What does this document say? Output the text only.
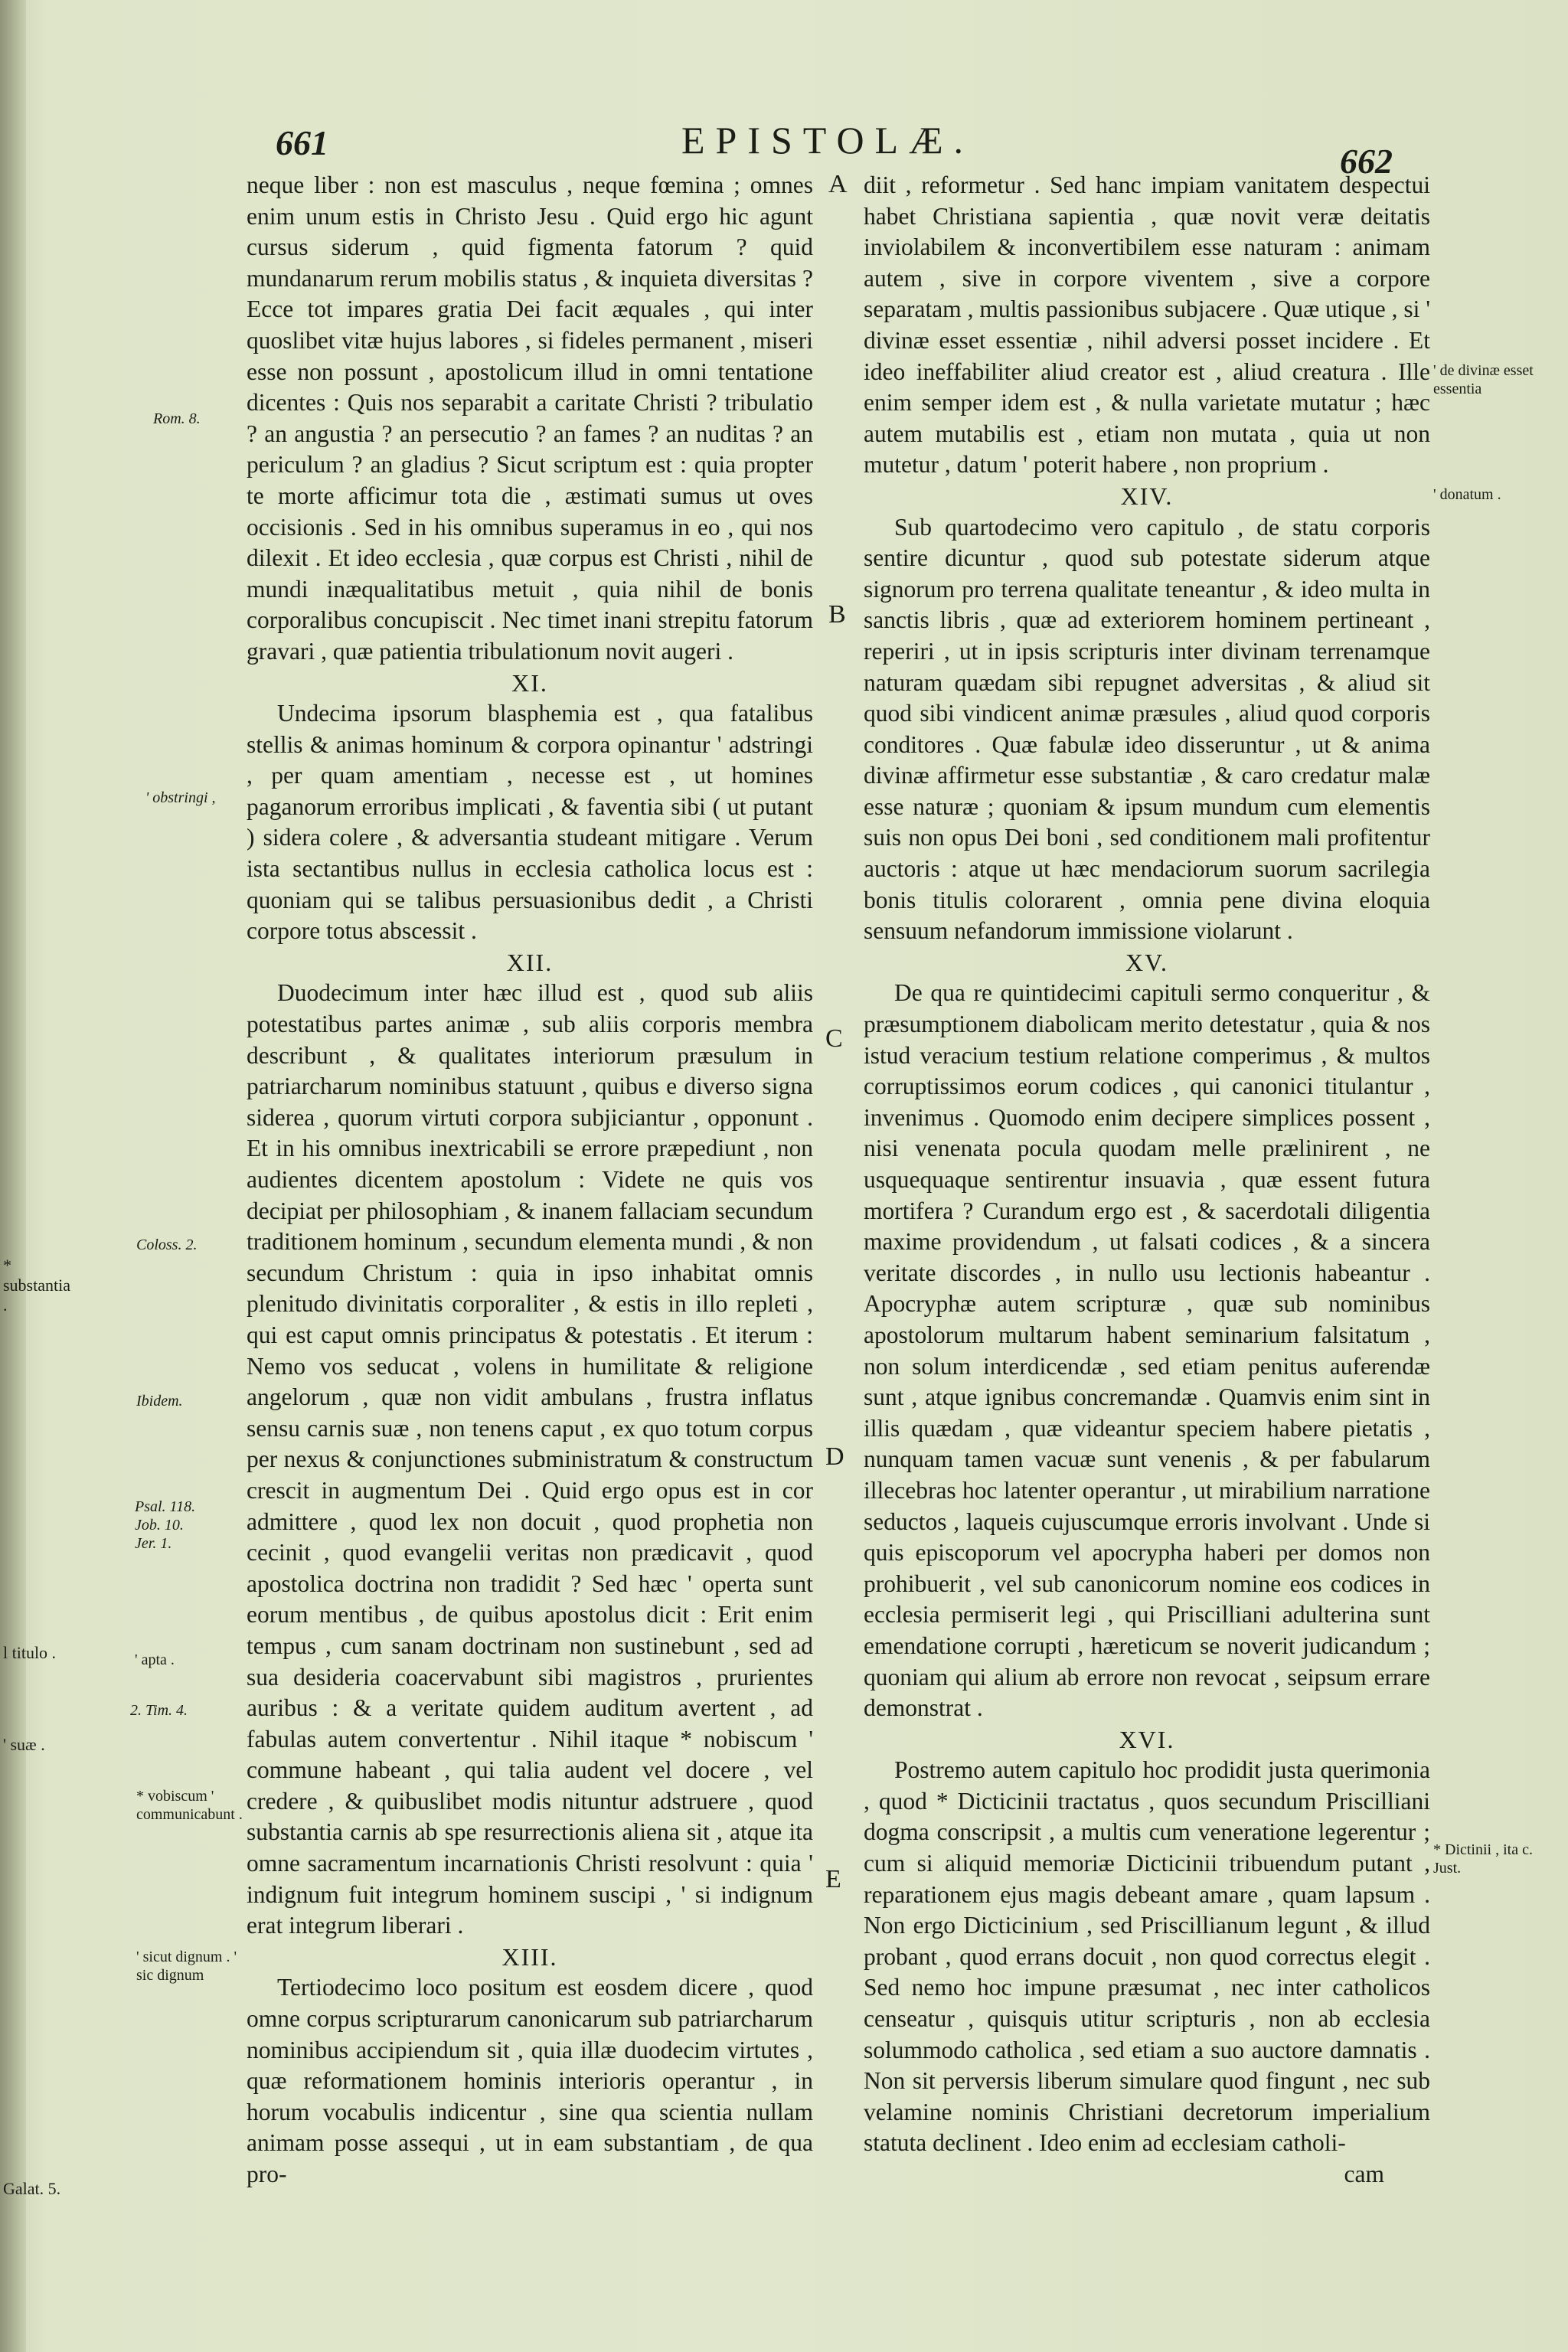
661	EPISTOLÆ.	662
Rom. 8.
' obstringi ,
Coloss. 2.
Ibidem.
Psal. 118. Job. 10. Jer. 1.
' apta .
2. Tim. 4.
* vobiscum ' communicabunt .
' sicut dignum . ' sic dignum
* substantia .
l titulo .
' suæ .
Galat. 5.
' de divinæ esset essentia
' donatum .
* Dictinii , ita c. Just.
A
B
C
D
E

neque liber : non est masculus , neque fœmina ; omnes enim unum estis in Christo Jesu . Quid ergo hic agunt cursus siderum , quid figmenta fatorum ? quid mundanarum rerum mobilis status , & inquieta diversitas ? Ecce tot impares gratia Dei facit æquales , qui inter quoslibet vitæ hujus labores , si fideles permanent , miseri esse non possunt , apostolicum illud in omni tentatione dicentes : Quis nos separabit a caritate Christi ? tribulatio ? an angustia ? an persecutio ? an fames ? an nuditas ? an periculum ? an gladius ? Sicut scriptum est : quia propter te morte afficimur tota die , æstimati sumus ut oves occisionis . Sed in his omnibus superamus in eo , qui nos dilexit . Et ideo ecclesia , quæ corpus est Christi , nihil de mundi inæqualitatibus metuit , quia nihil de bonis corporalibus concupiscit . Nec timet inani strepitu fatorum gravari , quæ patientia tribulationum novit augeri .

XI.

Undecima ipsorum blasphemia est , qua fatalibus stellis & animas hominum & corpora opinantur ' adstringi , per quam amentiam , necesse est , ut homines paganorum erroribus implicati , & faventia sibi ( ut putant ) sidera colere , & adversantia studeant mitigare . Verum ista sectantibus nullus in ecclesia catholica locus est : quoniam qui se talibus persuasionibus dedit , a Christi corpore totus abscessit .

XII.

Duodecimum inter hæc illud est , quod sub aliis potestatibus partes animæ , sub aliis corporis membra describunt , & qualitates interiorum præsulum in patriarcharum nominibus statuunt , quibus e diverso signa siderea , quorum virtuti corpora subjiciantur , opponunt . Et in his omnibus inextricabili se errore præpediunt , non audientes dicentem apostolum : Videte ne quis vos decipiat per philosophiam , & inanem fallaciam secundum traditionem hominum , secundum elementa mundi , & non secundum Christum : quia in ipso inhabitat omnis plenitudo divinitatis corporaliter , & estis in illo repleti , qui est caput omnis principatus & potestatis . Et iterum : Nemo vos seducat , volens in humilitate & religione angelorum , quæ non vidit ambulans , frustra inflatus sensu carnis suæ , non tenens caput , ex quo totum corpus per nexus & conjunctiones subministratum & constructum crescit in augmentum Dei . Quid ergo opus est in cor admittere , quod lex non docuit , quod prophetia non cecinit , quod evangelii veritas non prædicavit , quod apostolica doctrina non tradidit ? Sed hæc ' operta sunt eorum mentibus , de quibus apostolus dicit : Erit enim tempus , cum sanam doctrinam non sustinebunt , sed ad sua desideria coacervabunt sibi magistros , prurientes auribus : & a veritate quidem auditum avertent , ad fabulas autem convertentur . Nihil itaque * nobiscum ' commune habeant , qui talia audent vel docere , vel credere , & quibuslibet modis nituntur adstruere , quod substantia carnis ab spe resurrectionis aliena sit , atque ita omne sacramentum incarnationis Christi resolvunt : quia ' indignum fuit integrum hominem suscipi , ' si indignum erat integrum liberari .

XIII.

Tertiodecimo loco positum est eosdem dicere , quod omne corpus scripturarum canonicarum sub patriarcharum nominibus accipiendum sit , quia illæ duodecim virtutes , quæ reformationem hominis interioris operantur , in horum vocabulis indicentur , sine qua scientia nullam animam posse assequi , ut in eam substantiam , de qua pro-

diit , reformetur . Sed hanc impiam vanitatem despectui habet Christiana sapientia , quæ novit veræ deitatis inviolabilem & inconvertibilem esse naturam : animam autem , sive in corpore viventem , sive a corpore separatam , multis passionibus subjacere . Quæ utique , si ' divinæ esset essentiæ , nihil adversi posset incidere . Et ideo ineffabiliter aliud creator est , aliud creatura . Ille enim semper idem est , & nulla varietate mutatur ; hæc autem mutabilis est , etiam non mutata , quia ut non mutetur , datum ' poterit habere , non proprium .

XIV.

Sub quartodecimo vero capitulo , de statu corporis sentire dicuntur , quod sub potestate siderum atque signorum pro terrena qualitate teneantur , & ideo multa in sanctis libris , quæ ad exteriorem hominem pertineant , reperiri , ut in ipsis scripturis inter divinam terrenamque naturam quædam sibi repugnet adversitas , & aliud sit quod sibi vindicent animæ præsules , aliud quod corporis conditores . Quæ fabulæ ideo disseruntur , ut & anima divinæ affirmetur esse substantiæ , & caro credatur malæ esse naturæ ; quoniam & ipsum mundum cum elementis suis non opus Dei boni , sed conditionem mali profitentur auctoris : atque ut hæc mendaciorum suorum sacrilegia bonis titulis colorarent , omnia pene divina eloquia sensuum nefandorum immissione violarunt .

XV.

De qua re quintidecimi capituli sermo conqueritur , & præsumptionem diabolicam merito detestatur , quia & nos istud veracium testium relatione comperimus , & multos corruptissimos eorum codices , qui canonici titulantur , invenimus . Quomodo enim decipere simplices possent , nisi venenata pocula quodam melle prælinirent , ne usquequaque sentirentur insuavia , quæ essent futura mortifera ? Curandum ergo est , & sacerdotali diligentia maxime providendum , ut falsati codices , & a sincera veritate discordes , in nullo usu lectionis habeantur . Apocryphæ autem scripturæ , quæ sub nominibus apostolorum multarum habent seminarium falsitatum , non solum interdicendæ , sed etiam penitus auferendæ sunt , atque ignibus concremandæ . Quamvis enim sint in illis quædam , quæ videantur speciem habere pietatis , nunquam tamen vacuæ sunt venenis , & per fabularum illecebras hoc latenter operantur , ut mirabilium narratione seductos , laqueis cujuscumque erroris involvant . Unde si quis episcoporum vel apocrypha haberi per domos non prohibuerit , vel sub canonicorum nomine eos codices in ecclesia permiserit legi , qui Priscilliani adulterina sunt emendatione corrupti , hæreticum se noverit judicandum ; quoniam qui alium ab errore non revocat , seipsum errare demonstrat .

XVI.

Postremo autem capitulo hoc prodidit justa querimonia , quod * Dicticinii tractatus , quos secundum Priscilliani dogma conscripsit , a multis cum veneratione legerentur ; cum si aliquid memoriæ Dicticinii tribuendum putant , reparationem ejus magis debeant amare , quam lapsum . Non ergo Dicticinium , sed Priscillianum legunt , & illud probant , quod errans docuit , non quod correctus elegit . Sed nemo hoc impune præsumat , nec inter catholicos censeatur , quisquis utitur scripturis , non ab ecclesia solummodo catholica , sed etiam a suo auctore damnatis . Non sit perversis liberum simulare quod fingunt , nec sub velamine nominis Christiani decretorum imperialium statuta declinent . Ideo enim ad ecclesiam catholi-

cam
